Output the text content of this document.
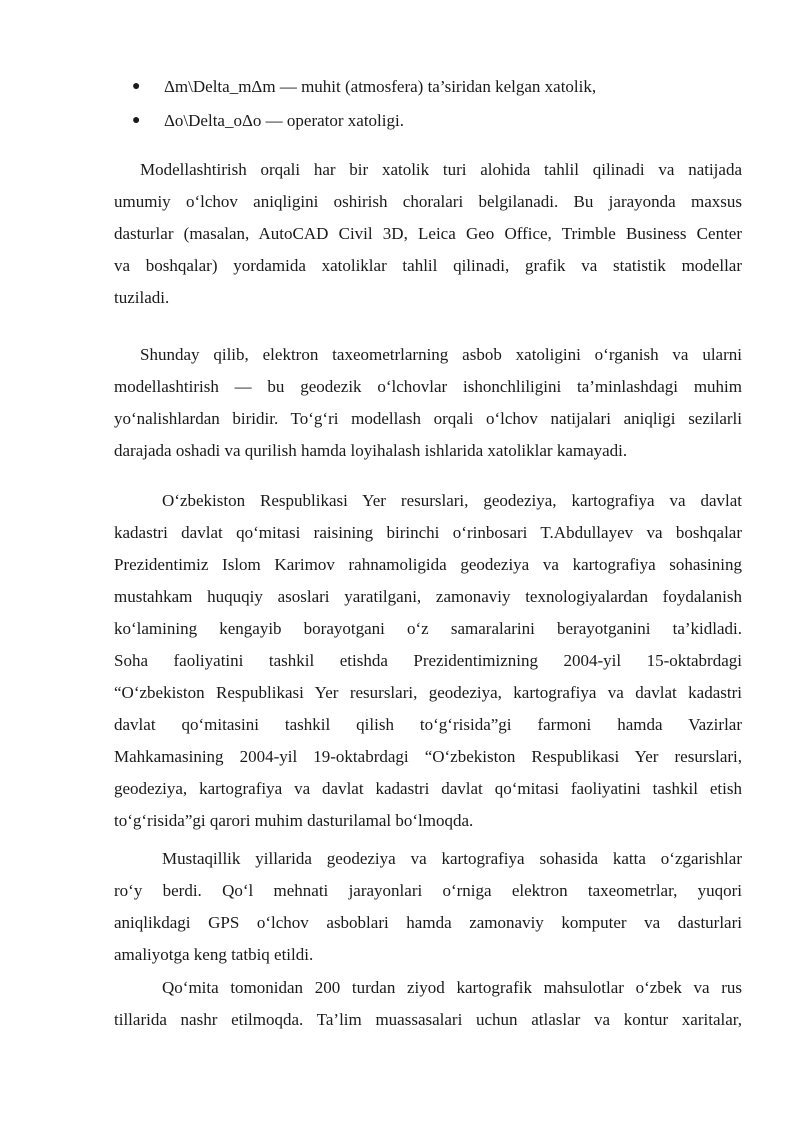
● Δm\Delta_mΔm — muhit (atmosfera) ta’siridan kelgan xatolik,
● Δo\Delta_oΔo — operator xatoligi.
Modellashtirish orqali har bir xatolik turi alohida tahlil qilinadi va natijada
umumiy o‘lchov aniqligini oshirish choralari belgilanadi. Bu jarayonda maxsus
dasturlar (masalan, AutoCAD Civil 3D, Leica Geo Office, Trimble Business Center
va boshqalar) yordamida xatoliklar tahlil qilinadi, grafik va statistik modellar
tuziladi.
Shunday qilib, elektron taxeometrlarning asbob xatoligini o‘rganish va ularni
modellashtirish — bu geodezik o‘lchovlar ishonchliligini ta’minlashdagi muhim
yo‘nalishlardan biridir. To‘g‘ri modellash orqali o‘lchov natijalari aniqligi sezilarli
darajada oshadi va qurilish hamda loyihalash ishlarida xatoliklar kamayadi.
O‘zbekiston Respublikasi Yer resurslari, geodeziya, kartografiya va davlat
kadastri davlat qo‘mitasi raisining birinchi o‘rinbosari T.Abdullayev va boshqalar
Prezidentimiz Islom Karimov rahnamoligida geodeziya va kartografiya sohasining
mustahkam huquqiy asoslari yaratilgani, zamonaviy texnologiyalardan foydalanish
ko‘lamining kengayib borayotgani o‘z samaralarini berayotganini ta’kidladi.
Soha faoliyatini tashkil etishda Prezidentimizning 2004-yil 15-oktabrdagi
“O‘zbekiston Respublikasi Yer resurslari, geodeziya, kartografiya va davlat kadastri
davlat qo‘mitasini tashkil qilish to‘g‘risida”gi farmoni hamda Vazirlar
Mahkamasining 2004-yil 19-oktabrdagi “O‘zbekiston Respublikasi Yer resurslari,
geodeziya, kartografiya va davlat kadastri davlat qo‘mitasi faoliyatini tashkil etish
to‘g‘risida”gi qarori muhim dasturilamal bo‘lmoqda.
Mustaqillik yillarida geodeziya va kartografiya sohasida katta o‘zgarishlar
ro‘y berdi. Qo‘l mehnati jarayonlari o‘rniga elektron taxeometrlar, yuqori
aniqlikdagi GPS o‘lchov asboblari hamda zamonaviy komputer va dasturlari
amaliyotga keng tatbiq etildi.
Qo‘mita tomonidan 200 turdan ziyod kartografik mahsulotlar o‘zbek va rus
tillarida nashr etilmoqda. Ta’lim muassasalari uchun atlaslar va kontur xaritalar,
